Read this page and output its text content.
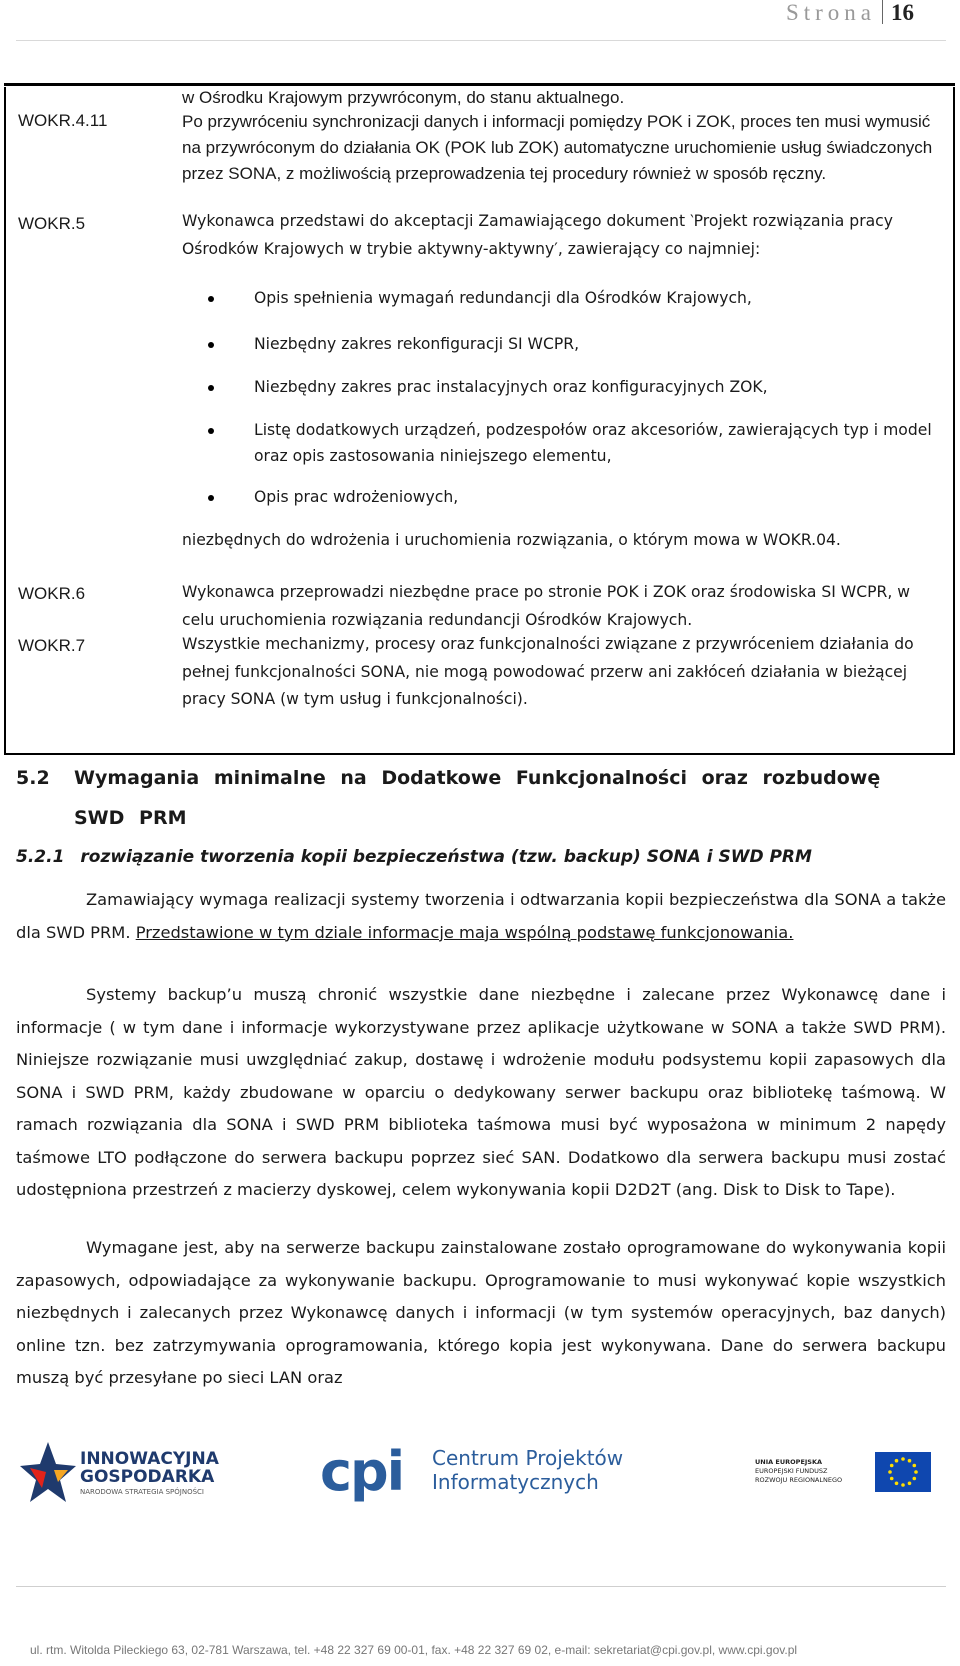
Strona 16
w Ośrodku Krajowym przywróconym, do stanu aktualnego.
WOKR.4.11	Po przywróceniu synchronizacji danych i informacji pomiędzy POK i ZOK, proces ten musi wymusić na przywróconym do działania OK (POK lub ZOK) automatyczne uruchomienie usług świadczonych przez SONA, z możliwością przeprowadzenia tej procedury również w sposób ręczny.
WOKR.5	Wykonawca przedstawi do akceptacji Zamawiającego dokument ‵Projekt rozwiązania pracy Ośrodków Krajowych w trybie aktywny-aktywny′, zawierający co najmniej:
Opis spełnienia wymagań redundancji dla Ośrodków Krajowych,
Niezbędny zakres rekonfiguracji SI WCPR,
Niezbędny zakres prac instalacyjnych oraz konfiguracyjnych ZOK,
Listę dodatkowych urządzeń, podzespołów oraz akcesoriów, zawierających typ i model oraz opis zastosowania niniejszego elementu,
Opis prac wdrożeniowych,
niezbędnych do wdrożenia i uruchomienia rozwiązania, o którym mowa w WOKR.04.
WOKR.6	Wykonawca przeprowadzi niezbędne prace po stronie POK i ZOK oraz środowiska SI WCPR, w celu uruchomienia rozwiązania redundancji Ośrodków Krajowych.
WOKR.7	Wszystkie mechanizmy, procesy oraz funkcjonalności związane z przywróceniem działania do pełnej funkcjonalności SONA, nie mogą powodować przerw ani zakłóceń działania w bieżącej pracy SONA (w tym usług i funkcjonalności).
5.2 Wymagania minimalne na Dodatkowe Funkcjonalności oraz rozbudowę SWD PRM
5.2.1 rozwiązanie tworzenia kopii bezpieczeństwa (tzw. backup) SONA i SWD PRM
Zamawiający wymaga realizacji systemy tworzenia i odtwarzania kopii bezpieczeństwa dla SONA a także dla SWD PRM. Przedstawione w tym dziale informacje maja wspólną podstawę funkcjonowania.
Systemy backup’u muszą chronić wszystkie dane niezbędne i zalecane przez Wykonawcę dane i informacje ( w tym dane i informacje wykorzystywane przez aplikacje użytkowane w SONA a także SWD PRM). Niniejsze rozwiązanie musi uwzględniać zakup, dostawę i wdrożenie modułu podsystemu kopii zapasowych dla SONA i SWD PRM, każdy zbudowane w oparciu o dedykowany serwer backupu oraz bibliotekę taśmową. W ramach rozwiązania dla SONA i SWD PRM biblioteka taśmowa musi być wyposażona w minimum 2 napędy taśmowe LTO podłączone do serwera backupu poprzez sieć SAN. Dodatkowo dla serwera backupu musi zostać udostępniona przestrzeń z macierzy dyskowej, celem wykonywania kopii D2D2T (ang. Disk to Disk to Tape).
Wymagane jest, aby na serwerze backupu zainstalowane zostało oprogramowane do wykonywania kopii zapasowych, odpowiadające za wykonywanie backupu. Oprogramowanie to musi wykonywać kopie wszystkich niezbędnych i zalecanych przez Wykonawcę danych i informacji (w tym systemów operacyjnych, baz danych) online tzn. bez zatrzymywania oprogramowania, którego kopia jest wykonywana. Dane do serwera backupu muszą być przesyłane po sieci LAN oraz
INNOWACYJNA
GOSPODARKA
NARODOWA STRATEGIA SPÓJNOŚCI cpi Centrum Projektów
Informatycznych
UNIA EUROPEJSKA
EUROPEJSKI FUNDUSZ
ROZWOJU REGIONALNEGO
ul. rtm. Witolda Pileckiego 63, 02-781 Warszawa, tel. +48 22 327 69 00-01, fax. +48 22 327 69 02, e-mail: sekretariat@cpi.gov.pl, www.cpi.gov.pl
